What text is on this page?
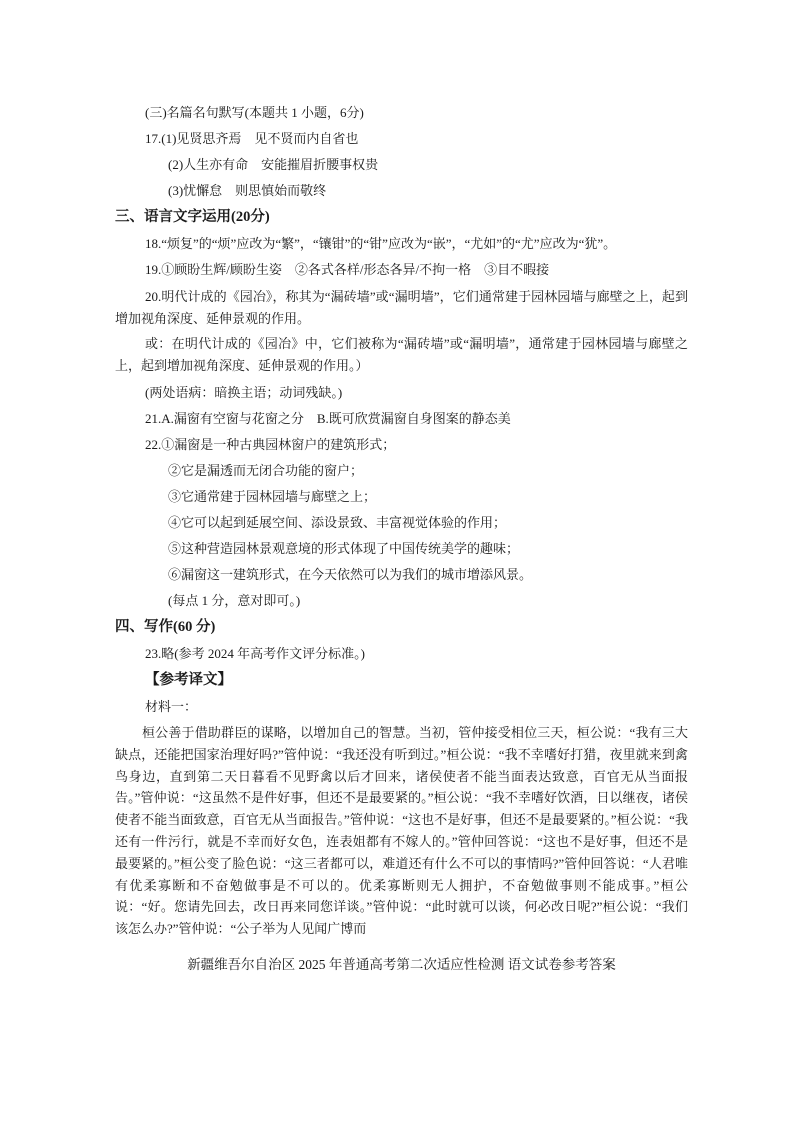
(三)名篇名句默写(本题共 1 小题，6分)
17.(1)见贤思齐焉　见不贤而内自省也
(2)人生亦有命　安能摧眉折腰事权贵
(3)忧懈怠　则思慎始而敬终
三、语言文字运用(20分)
18.“烦复”的“烦”应改为“繁”，“镶钳”的“钳”应改为“嵌”，“尤如”的“尤”应改为“犹”。
19.①顾盼生辉/顾盼生姿　②各式各样/形态各异/不拘一格　③目不暇接
20.明代计成的《园冶》，称其为“漏砖墙”或“漏明墙”，它们通常建于园林园墙与廊壁之上，起到增加视角深度、延伸景观的作用。
或：在明代计成的《园冶》中，它们被称为“漏砖墙”或“漏明墙”，通常建于园林园墙与廊壁之上，起到增加视角深度、延伸景观的作用。）
(两处语病：暗换主语；动词残缺。)
21.A.漏窗有空窗与花窗之分　B.既可欣赏漏窗自身图案的静态美
22.①漏窗是一种古典园林窗户的建筑形式；
②它是漏透而无闭合功能的窗户；
③它通常建于园林园墙与廊壁之上；
④它可以起到延展空间、添设景致、丰富视觉体验的作用；
⑤这种营造园林景观意境的形式体现了中国传统美学的趣味；
⑥漏窗这一建筑形式，在今天依然可以为我们的城市增添风景。
(每点 1 分，意对即可。)
四、写作(60 分)
23.略(参考 2024 年高考作文评分标准。)
【参考译文】
材料一：
桓公善于借助群臣的谋略，以增加自己的智慧。当初，管仲接受相位三天，桓公说：“我有三大缺点，还能把国家治理好吗?”管仲说：“我还没有听到过。”桓公说：“我不幸嗜好打猎，夜里就来到禽鸟身边，直到第二天日暮看不见野禽以后才回来，诸侯使者不能当面表达致意，百官无从当面报告。”管仲说：“这虽然不是件好事，但还不是最要紧的。”桓公说：“我不幸嗜好饮酒，日以继夜，诸侯使者不能当面致意，百官无从当面报告。”管仲说：“这也不是好事，但还不是最要紧的。”桓公说：“我还有一件污行，就是不幸而好女色，连表姐都有不嫁人的。”管仲回答说：“这也不是好事，但还不是最要紧的。”桓公变了脸色说：“这三者都可以，难道还有什么不可以的事情吗?”管仲回答说：“人君唯有优柔寡断和不奋勉做事是不可以的。优柔寡断则无人拥护，不奋勉做事则不能成事。”桓公说：“好。您请先回去，改日再来同您详谈。”管仲说：“此时就可以谈，何必改日呢?”桓公说：“我们该怎么办?”管仲说：“公子举为人见闻广博而
新疆维吾尔自治区 2025 年普通高考第二次适应性检测 语文试卷参考答案
